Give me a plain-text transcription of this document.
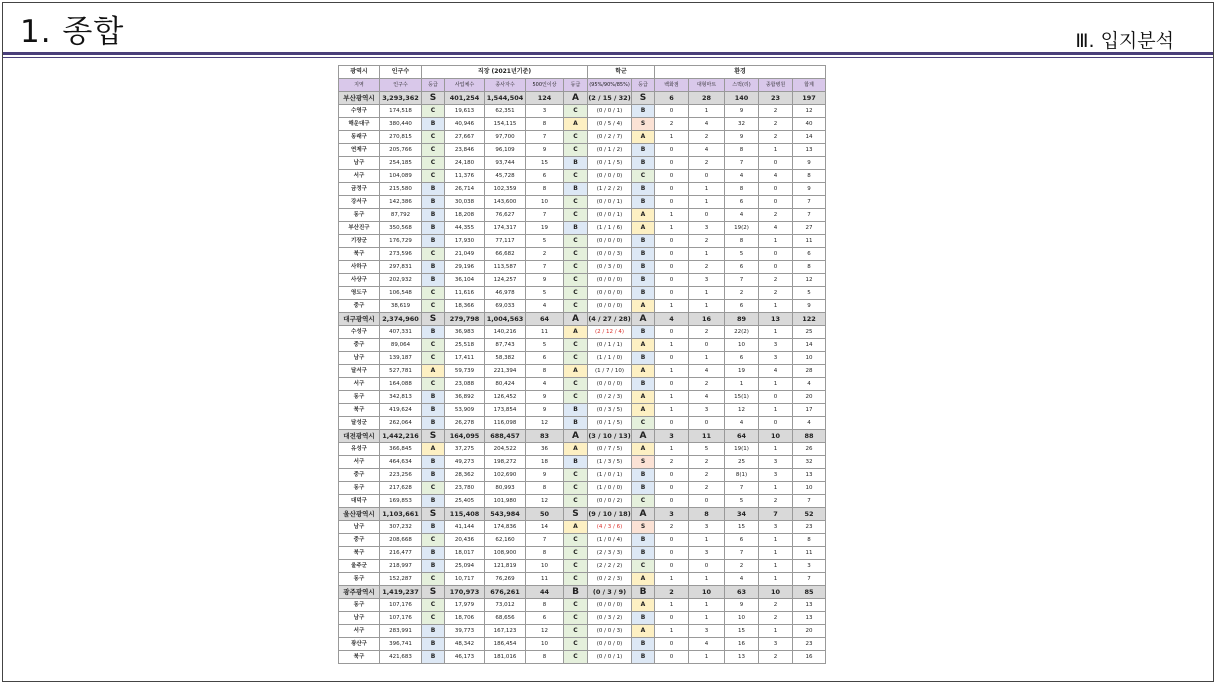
1. 종합	Ⅲ. 입지분석
광역시	인구수	직장 (2021년기준)					학군		환경				
지역	인구수	등급	사업체수	종사자수	500인이상	등급	(95%/90%/85%)	등급	백화점	대형마트	스벅(리)	종합병원	합계
부산광역시	3,293,362	S	401,254	1,544,504	124	A	(2 / 15 / 32)	S	6	28	140	23	197
수영구	174,518	C	19,613	62,351	3	C	(0 / 0 / 1)	B	0	1	9	2	12
해운대구	380,440	B	40,946	154,115	8	A	(0 / 5 / 4)	S	2	4	32	2	40
동래구	270,815	C	27,667	97,700	7	C	(0 / 2 / 7)	A	1	2	9	2	14
연제구	205,766	C	23,846	96,109	9	C	(0 / 1 / 2)	B	0	4	8	1	13
남구	254,185	C	24,180	93,744	15	B	(0 / 1 / 5)	B	0	2	7	0	9
서구	104,089	C	11,376	45,728	6	C	(0 / 0 / 0)	C	0	0	4	4	8
금정구	215,580	B	26,714	102,359	8	B	(1 / 2 / 2)	B	0	1	8	0	9
강서구	142,386	B	30,038	143,600	10	C	(0 / 0 / 1)	B	0	1	6	0	7
동구	87,792	B	18,208	76,627	7	C	(0 / 0 / 1)	A	1	0	4	2	7
부산진구	350,568	B	44,355	174,317	19	B	(1 / 1 / 6)	A	1	3	19(2)	4	27
기장군	176,729	B	17,930	77,117	5	C	(0 / 0 / 0)	B	0	2	8	1	11
북구	273,596	C	21,049	66,682	2	C	(0 / 0 / 3)	B	0	1	5	0	6
사하구	297,831	B	29,196	113,587	7	C	(0 / 3 / 0)	B	0	2	6	0	8
사상구	202,932	B	36,104	124,257	9	C	(0 / 0 / 0)	B	0	3	7	2	12
영도구	106,548	C	11,616	46,978	5	C	(0 / 0 / 0)	B	0	1	2	2	5
중구	38,619	C	18,366	69,033	4	C	(0 / 0 / 0)	A	1	1	6	1	9
대구광역시	2,374,960	S	279,798	1,004,563	64	A	(4 / 27 / 28)	A	4	16	89	13	122
수성구	407,331	B	36,983	140,216	11	A	(2 / 12 / 4)	B	0	2	22(2)	1	25
중구	89,064	C	25,518	87,743	5	C	(0 / 1 / 1)	A	1	0	10	3	14
남구	139,187	C	17,411	58,382	6	C	(1 / 1 / 0)	B	0	1	6	3	10
달서구	527,781	A	59,739	221,394	8	A	(1 / 7 / 10)	A	1	4	19	4	28
서구	164,088	C	23,088	80,424	4	C	(0 / 0 / 0)	B	0	2	1	1	4
동구	342,813	B	36,892	126,452	9	C	(0 / 2 / 3)	A	1	4	15(1)	0	20
북구	419,624	B	53,909	173,854	9	B	(0 / 3 / 5)	A	1	3	12	1	17
달성군	262,064	B	26,278	116,098	12	B	(0 / 1 / 5)	C	0	0	4	0	4
대전광역시	1,442,216	S	164,095	688,457	83	A	(3 / 10 / 13)	A	3	11	64	10	88
유성구	366,845	A	37,275	204,522	36	A	(0 / 7 / 5)	A	1	5	19(1)	1	26
서구	464,634	B	49,273	198,272	18	B	(1 / 3 / 5)	S	2	2	25	3	32
중구	223,256	B	28,362	102,690	9	C	(1 / 0 / 1)	B	0	2	8(1)	3	13
동구	217,628	C	23,780	80,993	8	C	(1 / 0 / 0)	B	0	2	7	1	10
대덕구	169,853	B	25,405	101,980	12	C	(0 / 0 / 2)	C	0	0	5	2	7
울산광역시	1,103,661	S	115,408	543,984	50	S	(9 / 10 / 18)	A	3	8	34	7	52
남구	307,232	B	41,144	174,836	14	A	(4 / 3 / 6)	S	2	3	15	3	23
중구	208,668	C	20,436	62,160	7	C	(1 / 0 / 4)	B	0	1	6	1	8
북구	216,477	B	18,017	108,900	8	C	(2 / 3 / 3)	B	0	3	7	1	11
울주군	218,997	B	25,094	121,819	10	C	(2 / 2 / 2)	C	0	0	2	1	3
동구	152,287	C	10,717	76,269	11	C	(0 / 2 / 3)	A	1	1	4	1	7
광주광역시	1,419,237	S	170,973	676,261	44	B	(0 / 3 / 9)	B	2	10	63	10	85
동구	107,176	C	17,979	73,012	8	C	(0 / 0 / 0)	A	1	1	9	2	13
남구	107,176	C	18,706	68,656	6	C	(0 / 3 / 2)	B	0	1	10	2	13
서구	283,991	B	39,773	167,123	12	C	(0 / 0 / 3)	A	1	3	15	1	20
광산구	396,741	B	48,342	186,454	10	C	(0 / 0 / 0)	B	0	4	16	3	23
북구	421,683	B	46,173	181,016	8	C	(0 / 0 / 1)	B	0	1	13	2	16
